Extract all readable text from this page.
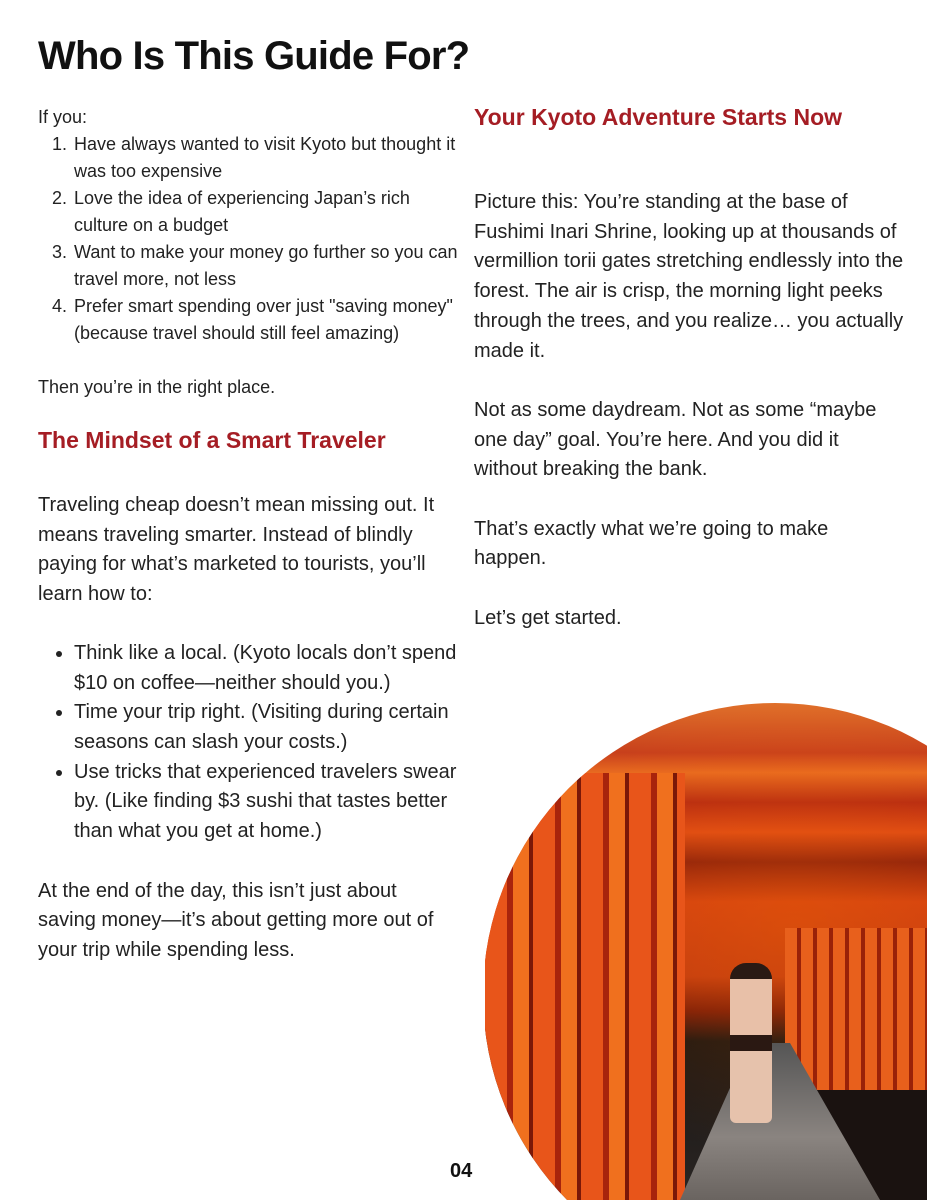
Who Is This Guide For?

If you:

1. Have always wanted to visit Kyoto but thought it was too expensive
2. Love the idea of experiencing Japan’s rich culture on a budget
3. Want to make your money go further so you can travel more, not less
4. Prefer smart spending over just "saving money" (because travel should still feel amazing)

Then you’re in the right place.

The Mindset of a Smart Traveler

Traveling cheap doesn’t mean missing out. It means traveling smarter. Instead of blindly paying for what’s marketed to tourists, you’ll learn how to:

• Think like a local. (Kyoto locals don’t spend $10 on coffee—neither should you.)
• Time your trip right. (Visiting during certain seasons can slash your costs.)
• Use tricks that experienced travelers swear by. (Like finding $3 sushi that tastes better than what you get at home.)

At the end of the day, this isn’t just about saving money—it’s about getting more out of your trip while spending less.

Your Kyoto Adventure Starts Now

Picture this: You’re standing at the base of Fushimi Inari Shrine, looking up at thousands of vermillion torii gates stretching endlessly into the forest. The air is crisp, the morning light peeks through the trees, and you realize… you actually made it.

Not as some daydream. Not as some “maybe one day” goal. You’re here. And you did it without breaking the bank.

That’s exactly what we’re going to make happen.

Let’s get started.

04
